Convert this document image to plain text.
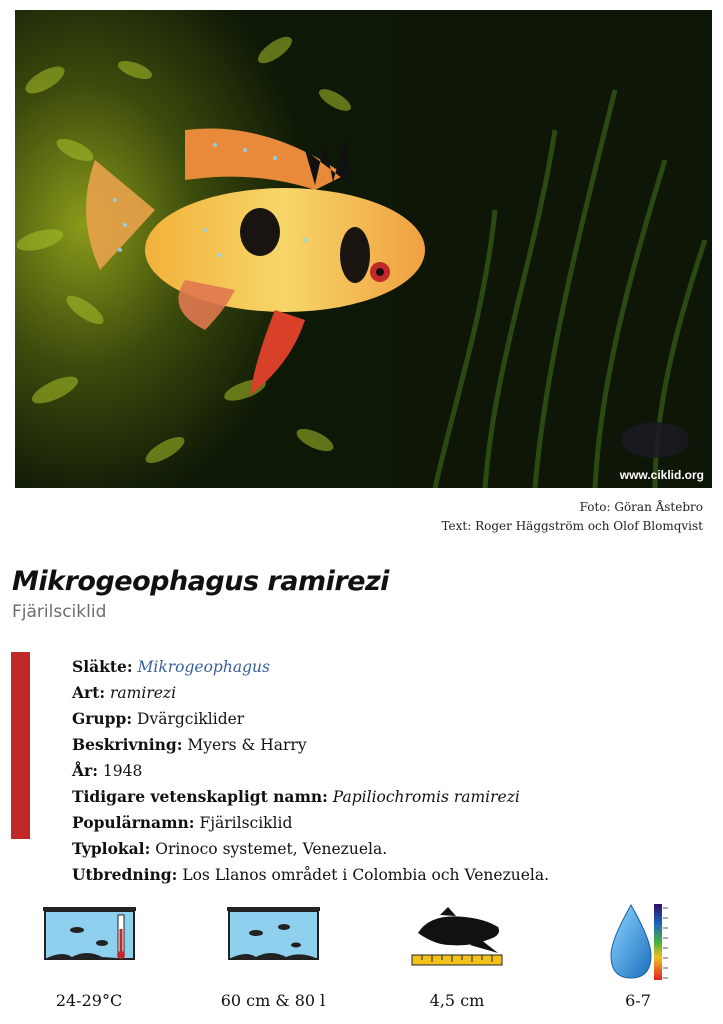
www.ciklid.org
Foto: Göran Åstebro
Text: Roger Häggström och Olof Blomqvist
Mikrogeophagus ramirezi
Fjärilsciklid
Släkte: Mikrogeophagus
Art: ramirezi
Grupp: Dvärgciklider
Beskrivning: Myers & Harry
År: 1948
Tidigare vetenskapligt namn: Papiliochromis ramirezi
Populärnamn: Fjärilsciklid
Typlokal: Orinoco systemet, Venezuela.
Utbredning: Los Llanos området i Colombia och Venezuela.
24-29°C	60 cm & 80 l	4,5 cm	6-7
